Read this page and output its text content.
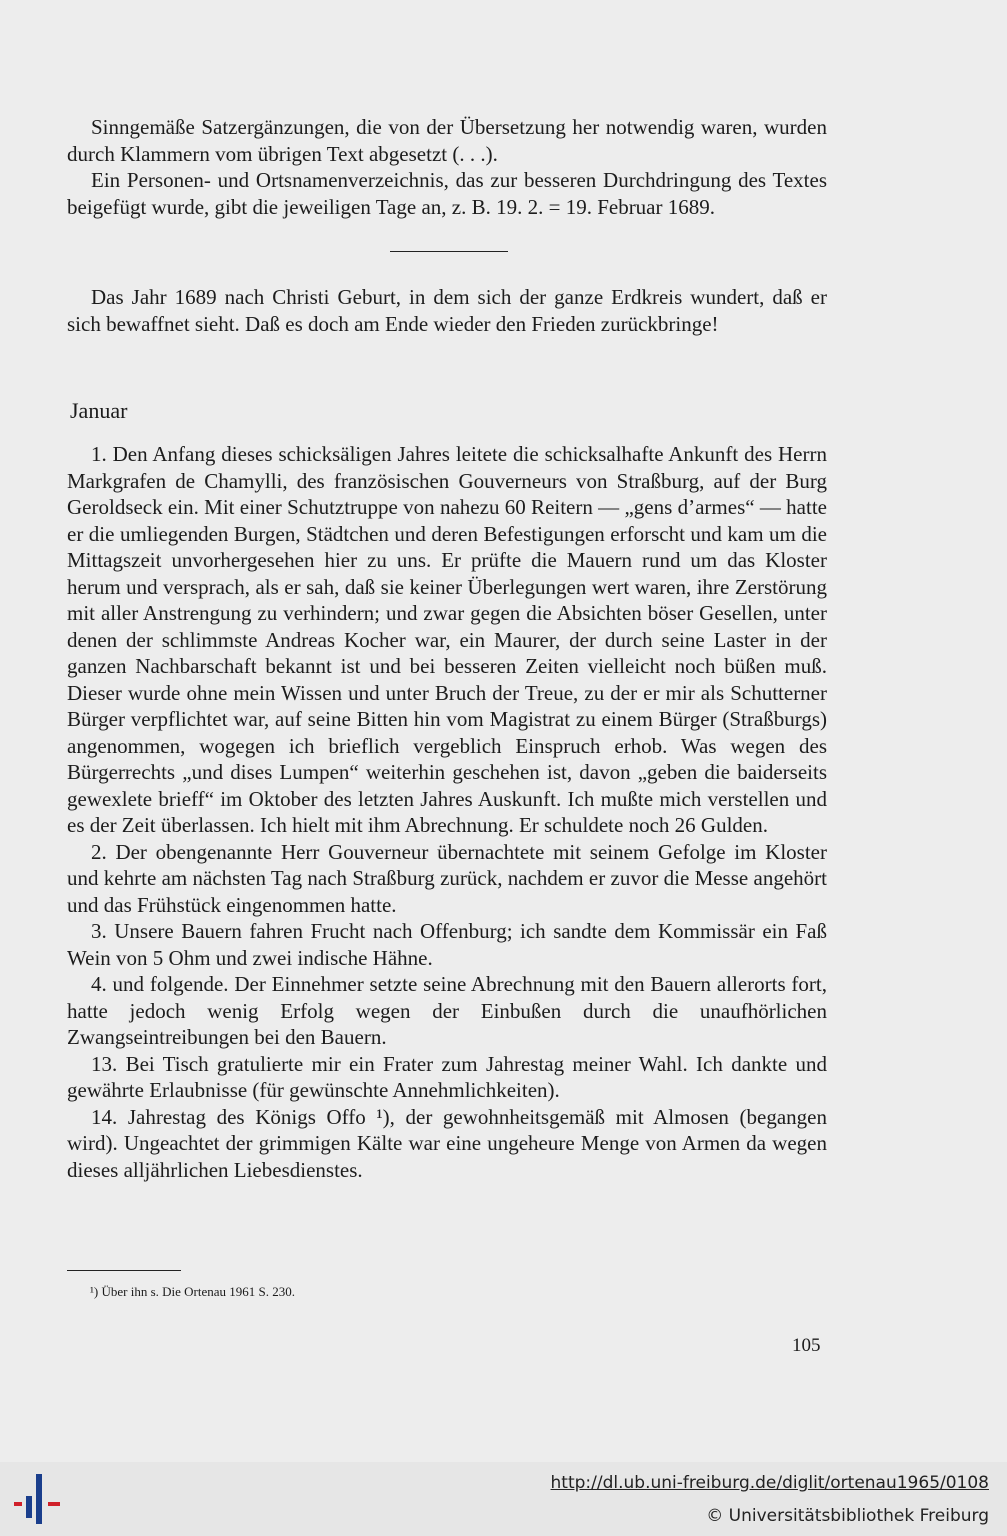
Sinngemäße Satzergänzungen, die von der Übersetzung her notwendig waren, wurden durch Klammern vom übrigen Text abgesetzt (. . .).

Ein Personen- und Ortsnamenverzeichnis, das zur besseren Durchdringung des Textes beigefügt wurde, gibt die jeweiligen Tage an, z. B. 19. 2. = 19. Februar 1689.

Das Jahr 1689 nach Christi Geburt, in dem sich der ganze Erdkreis wundert, daß er sich bewaffnet sieht. Daß es doch am Ende wieder den Frieden zurückbringe!

Januar

1. Den Anfang dieses schicksäligen Jahres leitete die schicksalhafte Ankunft des Herrn Markgrafen de Chamylli, des französischen Gouverneurs von Straßburg, auf der Burg Geroldseck ein. Mit einer Schutztruppe von nahezu 60 Reitern — „gens d’armes“ — hatte er die umliegenden Burgen, Städtchen und deren Befestigungen erforscht und kam um die Mittagszeit unvorhergesehen hier zu uns. Er prüfte die Mauern rund um das Kloster herum und versprach, als er sah, daß sie keiner Überlegungen wert waren, ihre Zerstörung mit aller Anstrengung zu verhindern; und zwar gegen die Absichten böser Gesellen, unter denen der schlimmste Andreas Kocher war, ein Maurer, der durch seine Laster in der ganzen Nachbarschaft bekannt ist und bei besseren Zeiten vielleicht noch büßen muß. Dieser wurde ohne mein Wissen und unter Bruch der Treue, zu der er mir als Schutterner Bürger verpflichtet war, auf seine Bitten hin vom Magistrat zu einem Bürger (Straßburgs) angenommen, wogegen ich brieflich vergeblich Einspruch erhob. Was wegen des Bürgerrechts „und dises Lumpen“ weiterhin geschehen ist, davon „geben die baiderseits gewexlete brieff“ im Oktober des letzten Jahres Auskunft. Ich mußte mich verstellen und es der Zeit überlassen. Ich hielt mit ihm Abrechnung. Er schuldete noch 26 Gulden.

2. Der obengenannte Herr Gouverneur übernachtete mit seinem Gefolge im Kloster und kehrte am nächsten Tag nach Straßburg zurück, nachdem er zuvor die Messe angehört und das Frühstück eingenommen hatte.

3. Unsere Bauern fahren Frucht nach Offenburg; ich sandte dem Kommissär ein Faß Wein von 5 Ohm und zwei indische Hähne.

4. und folgende. Der Einnehmer setzte seine Abrechnung mit den Bauern allerorts fort, hatte jedoch wenig Erfolg wegen der Einbußen durch die unaufhörlichen Zwangseintreibungen bei den Bauern.

13. Bei Tisch gratulierte mir ein Frater zum Jahrestag meiner Wahl. Ich dankte und gewährte Erlaubnisse (für gewünschte Annehmlichkeiten).

14. Jahrestag des Königs Offo ¹), der gewohnheitsgemäß mit Almosen (begangen wird). Ungeachtet der grimmigen Kälte war eine ungeheure Menge von Armen da wegen dieses alljährlichen Liebesdienstes.

¹) Über ihn s. Die Ortenau 1961 S. 230.
105
http://dl.ub.uni-freiburg.de/diglit/ortenau1965/0108
© Universitätsbibliothek Freiburg
